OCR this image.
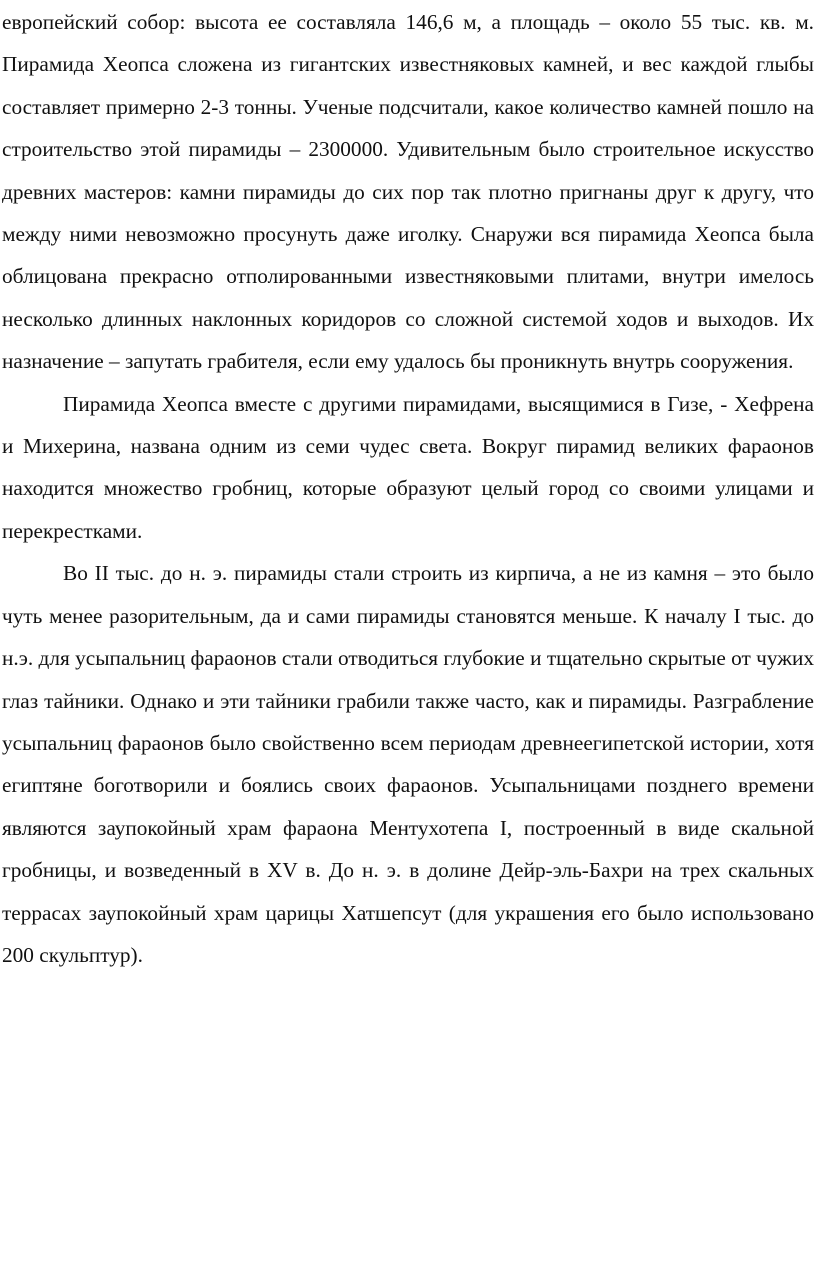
европейский собор: высота ее составляла 146,6 м, а площадь – около 55 тыс. кв. м. Пирамида Хеопса сложена из гигантских известняковых камней, и вес каждой глыбы составляет примерно 2-3 тонны. Ученые подсчитали, какое количество камней пошло на строительство этой пирамиды – 2300000. Удивительным было строительное искусство древних мастеров: камни пирамиды до сих пор так плотно пригнаны друг к другу, что между ними невозможно просунуть даже иголку. Снаружи вся пирамида Хеопса была облицована прекрасно отполированными известняковыми плитами, внутри имелось несколько длинных наклонных коридоров со сложной системой ходов и выходов. Их назначение – запутать грабителя, если ему удалось бы проникнуть внутрь сооружения.

Пирамида Хеопса вместе с другими пирамидами, высящимися в Гизе, - Хефрена и Михерина, названа одним из семи чудес света. Вокруг пирамид великих фараонов находится множество гробниц, которые образуют целый город со своими улицами и перекрестками.

Во II тыс. до н. э. пирамиды стали строить из кирпича, а не из камня – это было чуть менее разорительным, да и сами пирамиды становятся меньше. К началу I тыс. до н.э. для усыпальниц фараонов стали отводиться глубокие и тщательно скрытые от чужих глаз тайники. Однако и эти тайники грабили также часто, как и пирамиды. Разграбление усыпальниц фараонов было свойственно всем периодам древнеегипетской истории, хотя египтяне боготворили и боялись своих фараонов. Усыпальницами позднего времени являются заупокойный храм фараона Ментухотепа I, построенный в виде скальной гробницы, и возведенный в XV в. До н. э. в долине Дейр-эль-Бахри на трех скальных террасах заупокойный храм царицы Хатшепсут (для украшения его было использовано 200 скульптур).
